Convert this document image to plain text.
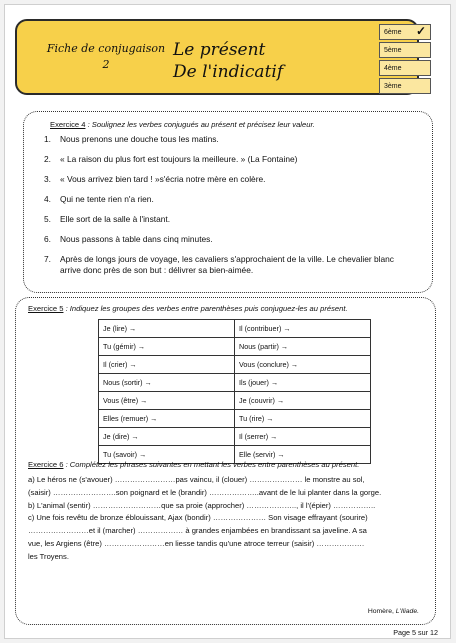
Fiche de conjugaison
2
Le présent
De l'indicatif
6ème ✓
5ème
4ème
3ème
Exercice 4 : Soulignez les verbes conjugués au présent et précisez leur valeur.
1. Nous prenons une douche tous les matins.
2. « La raison du plus fort est toujours la meilleure. » (La Fontaine)
3. « Vous arrivez bien tard ! »s'écria notre mère en colère.
4. Qui ne tente rien n'a rien.
5. Elle sort de la salle à l'instant.
6. Nous passons à table dans cinq minutes.
7. Après de longs jours de voyage, les cavaliers s'approchaient de la ville. Le chevalier blanc arrive donc près de son but : délivrer sa bien-aimée.
Exercice 5 : Indiquez les groupes des verbes entre parenthèses puis conjuguez-les au présent.
Je (lire) →	Il (contribuer) →
Tu (gémir) →	Nous (partir) →
Il (crier) →	Vous (conclure) →
Nous (sortir) →	Ils (jouer) →
Vous (être) →	Je (couvrir) →
Elles (remuer) →	Tu (rire) →
Je (dire) →	Il (serrer) →
Tu (savoir) →	Elle (servir) →
Exercice 6 : Complétez les phrases suivantes en mettant les verbes entre parenthèses au présent.
a) Le héros ne (s'avouer) ……………………pas vaincu, il (clouer) ………………… le monstre au sol,
(saisir) …………………….son poignard et le (brandir) ………………..avant de le lui planter dans la gorge.
b) L'animal (sentir) ………………………que sa proie (approcher) ……………….., il l'(épier) ……………..
c) Une fois revêtu de bronze éblouissant, Ajax (bondir) ………………… Son visage effrayant (sourire)
……………………et il (marcher) ……………… à grandes enjambées en brandissant sa javeline. A sa
vue, les Argiens (être) ……………………en liesse tandis qu'une atroce terreur (saisir) ……………….
les Troyens.
Homère, L'Iliade.
Page 5 sur 12
